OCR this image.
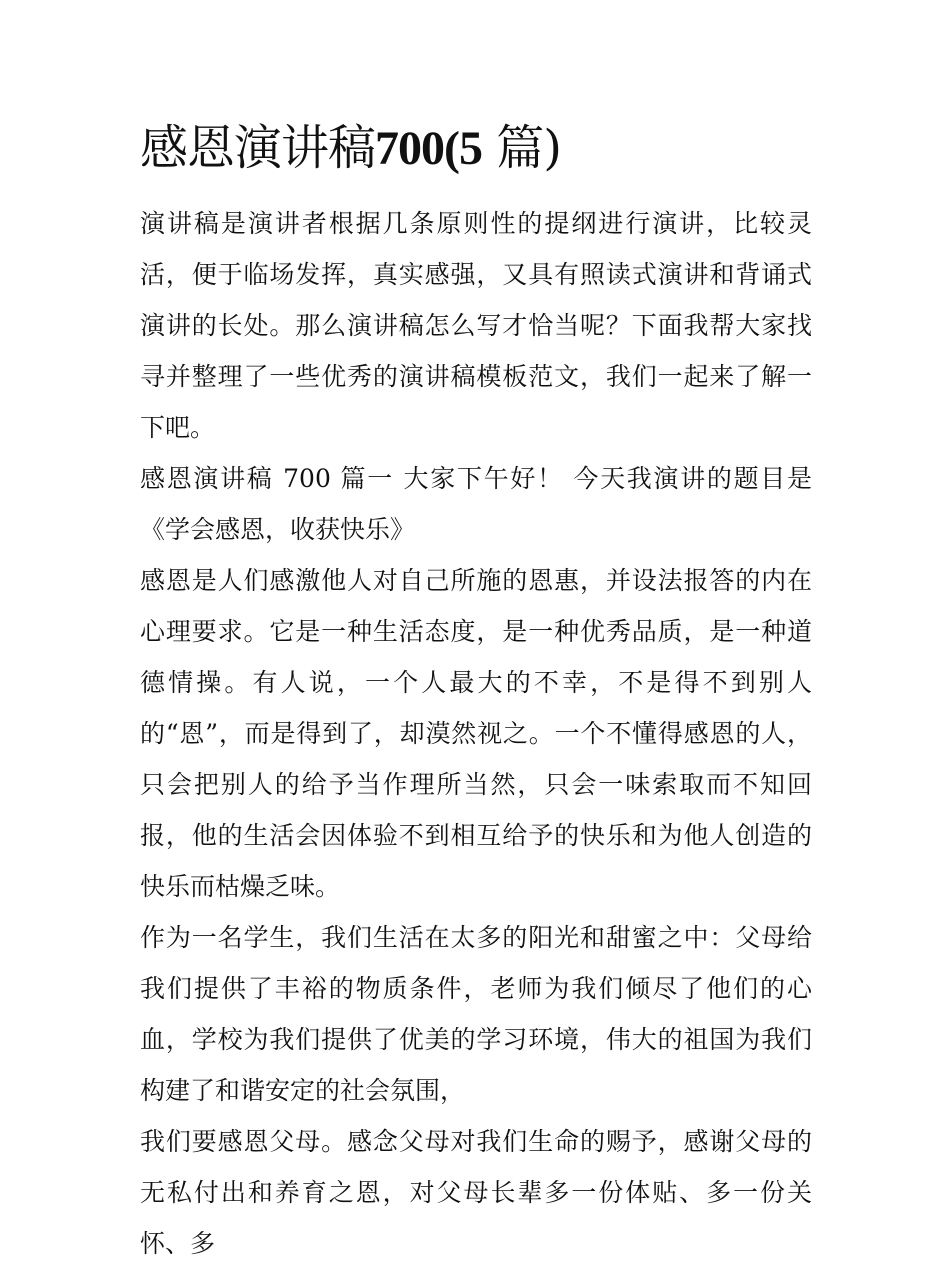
感恩演讲稿700(5 篇)

演讲稿是演讲者根据几条原则性的提纲进行演讲，比较灵活，便于临场发挥，真实感强，又具有照读式演讲和背诵式演讲的长处。那么演讲稿怎么写才恰当呢？下面我帮大家找寻并整理了一些优秀的演讲稿模板范文，我们一起来了解一下吧。

感恩演讲稿 700 篇一 大家下午好！ 今天我演讲的题目是《学会感恩，收获快乐》

感恩是人们感激他人对自己所施的恩惠，并设法报答的内在心理要求。它是一种生活态度，是一种优秀品质，是一种道德情操。有人说，一个人最大的不幸，不是得不到别人的“恩”，而是得到了，却漠然视之。一个不懂得感恩的人，只会把别人的给予当作理所当然，只会一味索取而不知回报，他的生活会因体验不到相互给予的快乐和为他人创造的快乐而枯燥乏味。

作为一名学生，我们生活在太多的阳光和甜蜜之中：父母给我们提供了丰裕的物质条件，老师为我们倾尽了他们的心血，学校为我们提供了优美的学习环境，伟大的祖国为我们构建了和谐安定的社会氛围，

我们要感恩父母。感念父母对我们生命的赐予，感谢父母的无私付出和养育之恩，对父母长辈多一份体贴、多一份关怀、多
